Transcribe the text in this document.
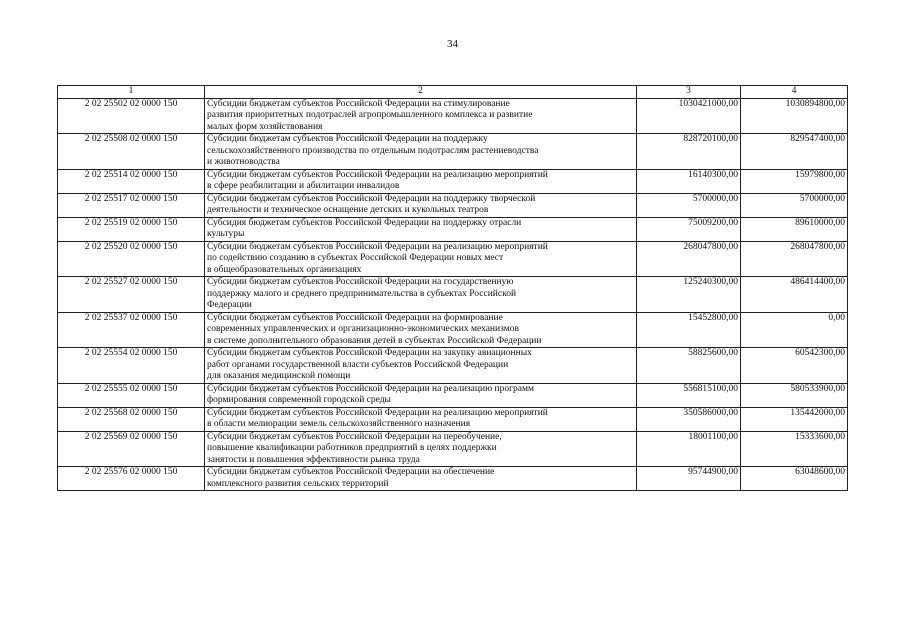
34
1	2	3	4
2 02 25502 02 0000 150	Субсидии бюджетам субъектов Российской Федерации на стимулирование
развития приоритетных подотраслей агропромышленного комплекса и развитие
малых форм хозяйствования	1030421000,00	1030894800,00
2 02 25508 02 0000 150	Субсидии бюджетам субъектов Российской Федерации на поддержку
сельскохозяйственного производства по отдельным подотраслям растениеводства
и животноводства	828720100,00	829547400,00
2 02 25514 02 0000 150	Субсидии бюджетам субъектов Российской Федерации на реализацию мероприятий
в сфере реабилитации и абилитации инвалидов	16140300,00	15979800,00
2 02 25517 02 0000 150	Субсидии бюджетам субъектов Российской Федерации на поддержку творческой
деятельности и техническое оснащение детских и кукольных театров	5700000,00	5700000,00
2 02 25519 02 0000 150	Субсидия бюджетам субъектов Российской Федерации на поддержку отрасли
культуры	75009200,00	89610000,00
2 02 25520 02 0000 150	Субсидии бюджетам субъектов Российской Федерации на реализацию мероприятий
по содействию созданию в субъектах Российской Федерации новых мест
в общеобразовательных организациях	268047800,00	268047800,00
2 02 25527 02 0000 150	Субсидии бюджетам субъектов Российской Федерации на государственную
поддержку малого и среднего предпринимательства в субъектах Российской
Федерации	125240300,00	486414400,00
2 02 25537 02 0000 150	Субсидии бюджетам субъектов Российской Федерации на формирование
современных управленческих и организационно-экономических механизмов
в системе дополнительного образования детей в субъектах Российской Федерации	15452800,00	0,00
2 02 25554 02 0000 150	Субсидии бюджетам субъектов Российской Федерации на закупку авиационных
работ органами государственной власти субъектов Российской Федерации
для оказания медицинской помощи	58825600,00	60542300,00
2 02 25555 02 0000 150	Субсидии бюджетам субъектов Российской Федерации на реализацию программ
формирования современной городской среды	556815100,00	580533900,00
2 02 25568 02 0000 150	Субсидии бюджетам субъектов Российской Федерации на реализацию мероприятий
в области мелиорации земель сельскохозяйственного назначения	350586000,00	135442000,00
2 02 25569 02 0000 150	Субсидии бюджетам субъектов Российской Федерации на переобучение,
повышение квалификации работников предприятий в целях поддержки
занятости и повышения эффективности рынка труда	18001100,00	15333600,00
2 02 25576 02 0000 150	Субсидии бюджетам субъектов Российской Федерации на обеспечение
комплексного развития сельских территорий	95744900,00	63048600,00
